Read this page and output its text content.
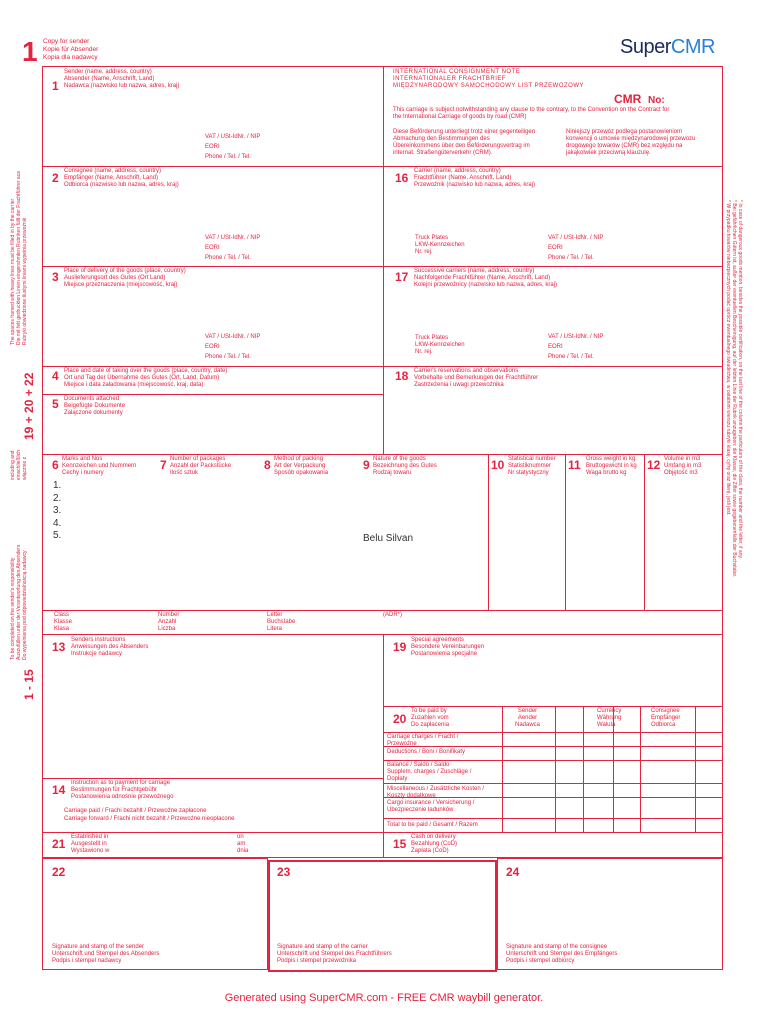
1 Copy for sender
Kopie für Absender
Kopia dla nadawcy	SuperCMR
1
Sender (name, address, country)
Absender (Name, Anschrift, Land)
Nadawca (nazwisko lub nazwa, adres, kraj)
VAT / USt-IdNr. / NIP
EORI
Phone / Tel. / Tel.
INTERNATIONAL CONSIGNMENT NOTE
INTERNATIONALER FRACHTBRIEF
MIĘDZYNARODOWY SAMOCHODOWY LIST PRZEWOZOWY
CMR No:
This carriage is subject notwithstanding any clause to the contrary, to the Convention on the Contract for
the International Carriage of goods by road (CMR)
Diese Beförderung unterliegt trotz einer gegenteiligen
Abmachung den Bestimmungen des
Übereinkommens über den Beförderungsvertrag im
internat. Straßengüterverkehr (CRM).
Niniejszy przewóz podlega postanowieniom
konwencji o umowie międzynarodowej przewozu
drogowego towarów (CMR) bez względu na
jakąkolwiek przeciwną klauzulę.
2 Consignee (name, address, country)
Empfänger (Name, Anschrift, Land)
Odbiorca (nazwisko lub nazwa, adres, kraj)
VAT / USt-IdNr. / NIP
EORI
Phone / Tel. / Tel.
16 Carrier (name, address, country)
Frachtführer (Name, Anschrift, Land)
Przewoźnik (nazwisko lub nazwa, adres, kraj)
Truck Plates
LKW-Kennzeichen
Nr. rej.
VAT / USt-IdNr. / NIP
EORI
Phone / Tel. / Tel.
3 Place of delivery of the goods (place, country)
Auslieferungsort des Gutes (Ort Land)
Miejsce przeznaczenia (miejscowość, kraj)
VAT / USt-IdNr. / NIP
EORI
Phone / Tel. / Tel.
17 Successive carriers (name, address, country)
Nachfolgende Frachtführer (Name, Anschrift, Land)
Kolejni przewoźnicy (nazwisko lub nazwa, adres, kraj)
Truck Plates
LKW-Kennzeichen
Nr. rej.
VAT / USt-IdNr. / NIP
EORI
Phone / Tel. / Tel.
4 Place and date of taking over the goods (place, country, date)
Ort und Tag der Übernahme des Gutes (Ort, Land, Datum)
Miejsce i data załadowania (miejscowość, kraj, data)
18 Carrier's reservations and observations
Vorbehalte und Bemerkungen der Frachtführer
Zastrzeżenia i uwagi przewoźnika
5 Documents attached
Beigefügte Dokumente
Załączone dokumenty
6 Marks and Nos
Kennzeichen und Nummern
Cechy i numery
7 Number of packages
Anzahl der Packstücke
Ilość sztuk
8 Method of packing
Art der Verpackung
Sposób opakowania
9 Nature of the goods
Bezeichnung des Gutes
Rodzaj towaru
10 Statistical number
Statistiknummer
Nr statystyczny
11 Gross weight in kg
Bruttogewicht in kg
Waga brutto kg
12 Volume in m3
Umfang in m3
Objętość m3
1.
2.
3.
4.
5.	Belu Silvan
Class
Klasse
Klasa
Number
Anzahl
Liczba
Letter
Buchstabe
Litera
(ADR*)
13 Senders instructions
Anweisungen des Absenders
Instrukcje nadawcy
14 Instruction as to payment for carriage
Bestimmungen für Frachtgebühr
Postanowienia odnośnie przewoźnego
Carriage paid / Frachi bezahlt / Przewoźne zapłacone
Carriage forward / Frachi nicht bezahlt / Przewoźne nieopłacone
19 Special agreements
Besondere Vereinbarungen
Postanowienia specjalne
20
To be paid by
Zuzahlen vom
Do zapłacenia
Sender
Aender
Nadawca
Currency
Währung
Waluta
Consignee
Empfänger
Odbiorca
Carriage charges / Fracht /
Przewoźne
Deductions / Boni / Bonifikaty
Balance / Saldo / Saldo
Supplem. charges / Zuschläge /
Dopłaty
Miscellaneous / Zusätzliche Kosten /
Koszty dodatkowe
Cargo insurance / Versicherung /
Ubezpieczenie ładunków
Total to be paid / Gesamt / Razem
21 Established in
Ausgestellt in
Wystawiono w
on
am
dnia	15 Cash on delivery
Bezahlung (CoD)
Zapłata (CoD)
22	23	24
Signature and stamp of the sender
Unterschrift und Stempel des Absenders
Podpis i stempel nadawcy
Signature and stamp of the carrier
Unterschrift und Stempel des Frachtführers
Podpis i stempel przewoźnika
Signature and stamp of the consignee
Unterschrift und Stempel des Empfängers
Podpis i stempel odbiorcy
1 - 15
19 + 20 + 22
To be completed on the sender's responsibility Auszufüllen unter der Verantwortung des Absenders Do wypełnienia pod odpowiedzialnością nadawcy
including and einschließlich włącznie z
The spaces framed with heavy lines must be filled in by the carrier Die mit fett gedruckten Linien eingerahmten Rubriken füllt der Frachtführer aus Rubryki obwiedzione tłustymi liniami wypełnia przewoźnik	* In case of dangerous goods mention, besides the possible certification, on the last line of the column the particulars of the class, the number and the letter, if any.
* Bei gefährlichen Gütern ist, außer der eventuellen Bescheinigung, auf der letzten Linie der Rubrik anzugeben: die Klasse, die Ziffer sowie gegebenenfalls der Buchstabe.
* W przypadku towarów niebezpiecznych podać oprócz ewentualnego świadectwa, w ostatnim wierszu rubryki klasę, cyfrę oraz literę, jeśli jest.
Generated using SuperCMR.com - FREE CMR waybill generator.
